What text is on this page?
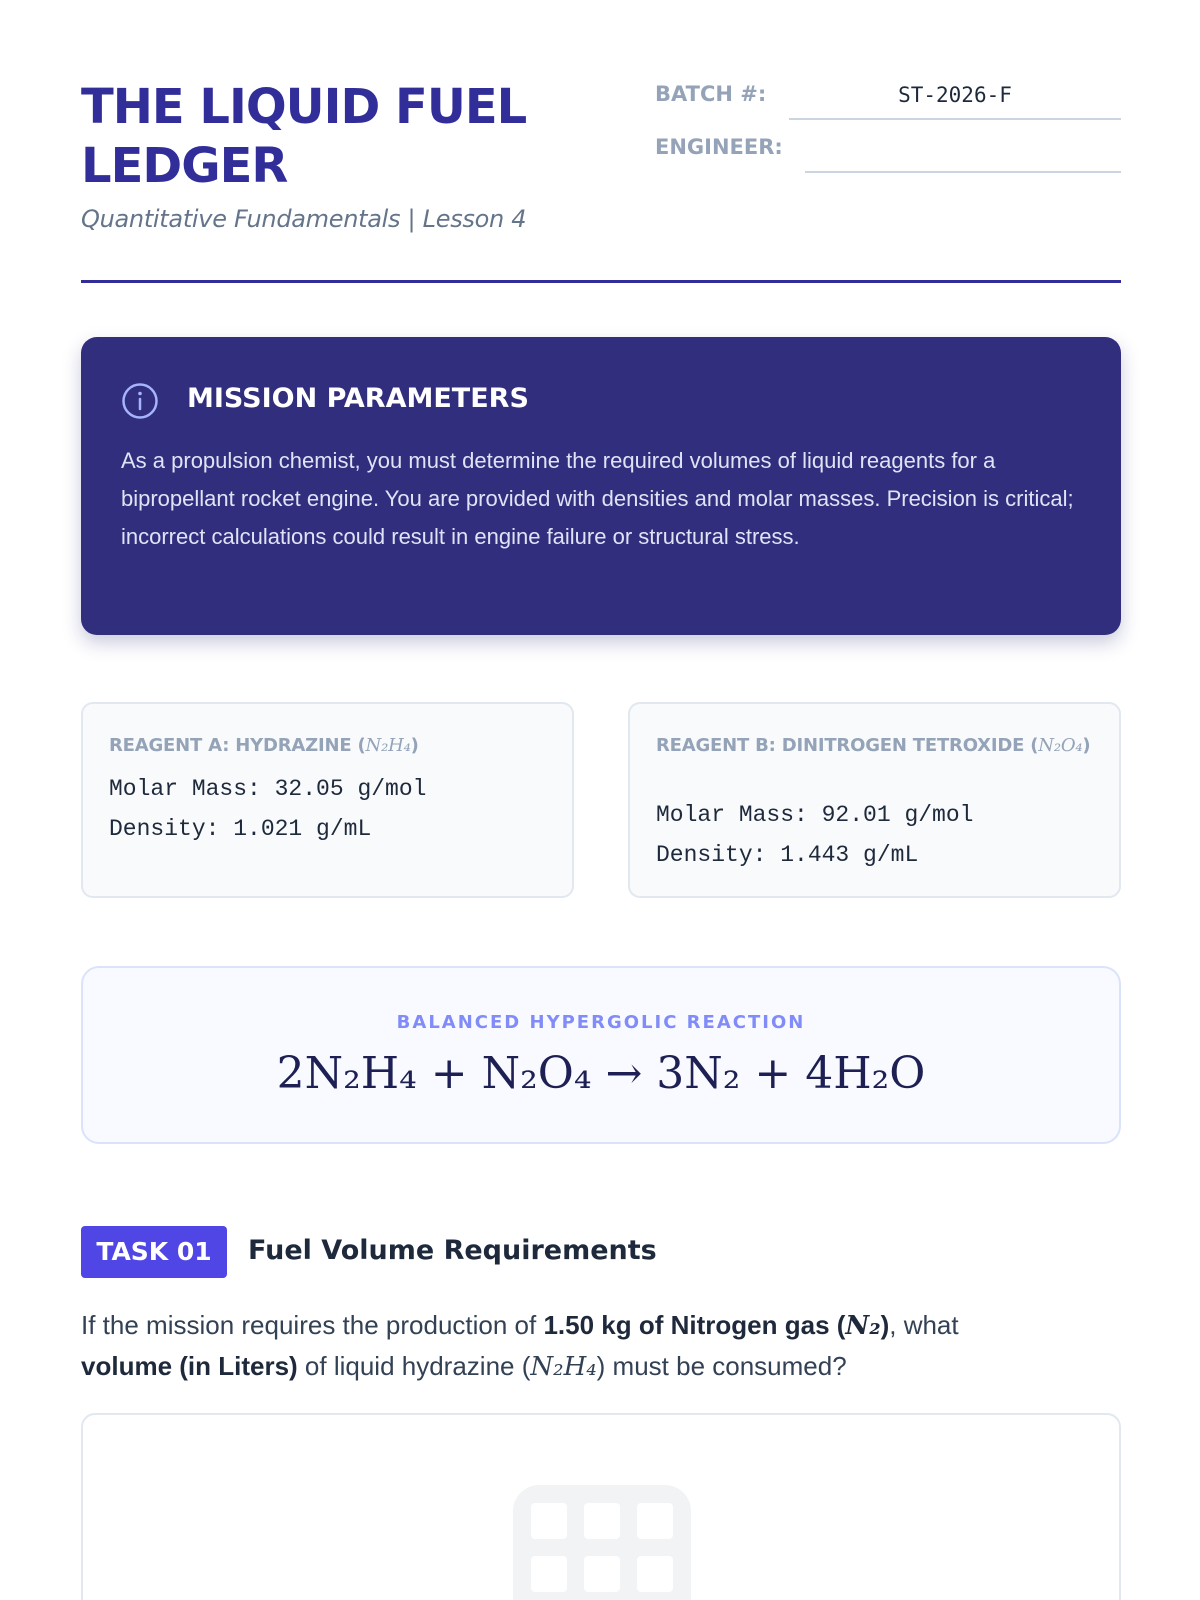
THE LIQUID FUEL LEDGER
Quantitative Fundamentals | Lesson 4
BATCH #:	ST-2026-F
ENGINEER:
MISSION PARAMETERS

As a propulsion chemist, you must determine the required volumes of liquid reagents for a bipropellant rocket engine. You are provided with densities and molar masses. Precision is critical; incorrect calculations could result in engine failure or structural stress.

REAGENT A: HYDRAZINE (N₂H₄)
Molar Mass: 32.05 g/mol
Density: 1.021 g/mL
REAGENT B: DINITROGEN TETROXIDE (N₂O₄)
Molar Mass: 92.01 g/mol
Density: 1.443 g/mL
BALANCED HYPERGOLIC REACTION
2N₂H₄ + N₂O₄ → 3N₂ + 4H₂O
TASK 01	Fuel Volume Requirements

If the mission requires the production of 1.50 kg of Nitrogen gas (N₂), what
volume (in Liters) of liquid hydrazine (N₂H₄) must be consumed?
